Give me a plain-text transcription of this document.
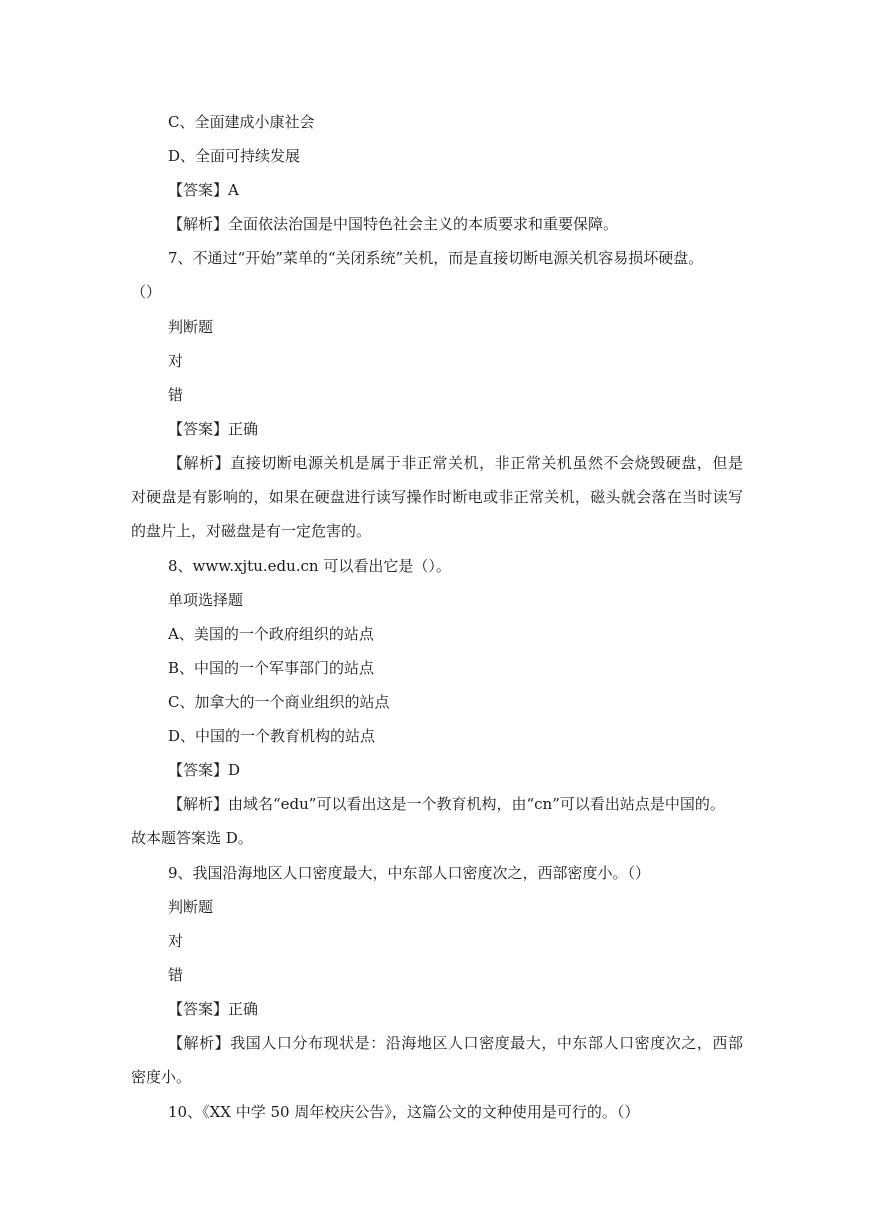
C、全面建成小康社会
D、全面可持续发展
【答案】A
【解析】全面依法治国是中国特色社会主义的本质要求和重要保障。
7、不通过“开始”菜单的“关闭系统”关机，而是直接切断电源关机容易损坏硬盘。
（）
判断题
对
错
【答案】正确
【解析】直接切断电源关机是属于非正常关机，非正常关机虽然不会烧毁硬盘，但是
对硬盘是有影响的，如果在硬盘进行读写操作时断电或非正常关机，磁头就会落在当时读写
的盘片上，对磁盘是有一定危害的。
8、www.xjtu.edu.cn 可以看出它是（）。
单项选择题
A、美国的一个政府组织的站点
B、中国的一个军事部门的站点
C、加拿大的一个商业组织的站点
D、中国的一个教育机构的站点
【答案】D
【解析】由域名“edu”可以看出这是一个教育机构，由“cn”可以看出站点是中国的。
故本题答案选 D。
9、我国沿海地区人口密度最大，中东部人口密度次之，西部密度小。（）
判断题
对
错
【答案】正确
【解析】我国人口分布现状是：沿海地区人口密度最大，中东部人口密度次之，西部
密度小。
10、《XX 中学 50 周年校庆公告》，这篇公文的文种使用是可行的。（）
